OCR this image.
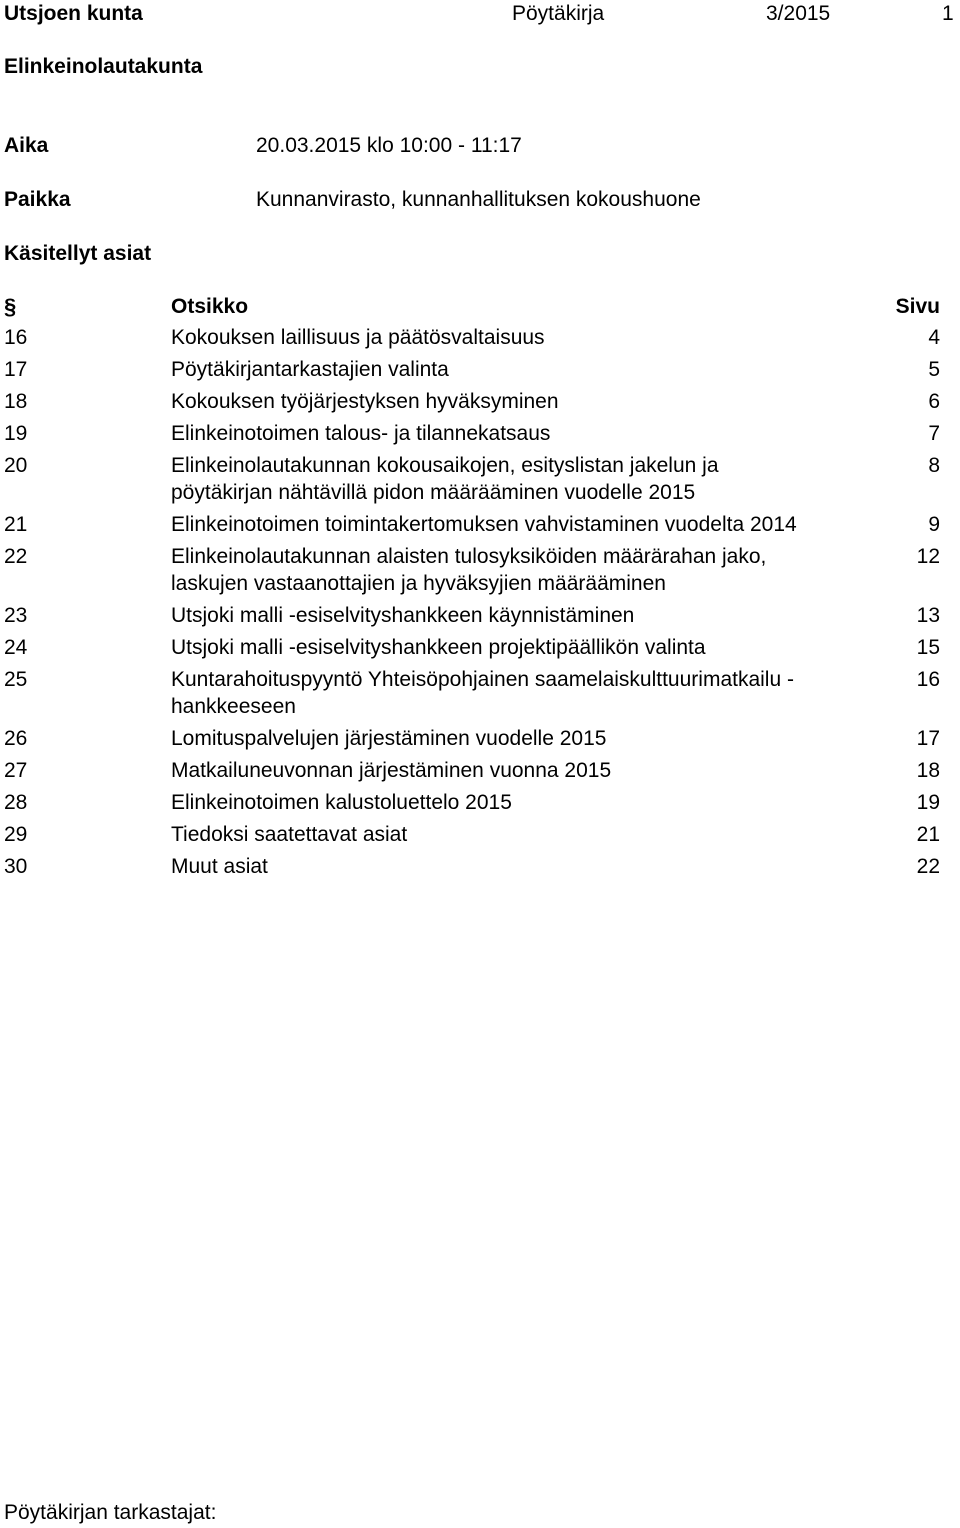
Utsjoen kunta	Pöytäkirja	3/2015	1
Elinkeinolautakunta
Aika	20.03.2015 klo 10:00 - 11:17
Paikka	Kunnanvirasto, kunnanhallituksen kokoushuone
Käsitellyt asiat
§	Otsikko	Sivu
16	Kokouksen laillisuus ja päätösvaltaisuus	4
17	Pöytäkirjantarkastajien valinta	5
18	Kokouksen työjärjestyksen hyväksyminen	6
19	Elinkeinotoimen talous- ja tilannekatsaus	7
20	Elinkeinolautakunnan kokousaikojen, esityslistan jakelun ja pöytäkirjan nähtävillä pidon määrääminen vuodelle 2015	8
21	Elinkeinotoimen toimintakertomuksen vahvistaminen vuodelta 2014	9
22	Elinkeinolautakunnan alaisten tulosyksiköiden määrärahan jako, laskujen vastaanottajien ja hyväksyjien määrääminen	12
23	Utsjoki malli -esiselvityshankkeen käynnistäminen	13
24	Utsjoki malli -esiselvityshankkeen projektipäällikön valinta	15
25	Kuntarahoituspyyntö Yhteisöpohjainen saamelaiskulttuurimatkailu -hankkeeseen	16
26	Lomituspalvelujen järjestäminen vuodelle 2015	17
27	Matkailuneuvonnan järjestäminen vuonna 2015	18
28	Elinkeinotoimen kalustoluettelo 2015	19
29	Tiedoksi saatettavat asiat	21
30	Muut asiat	22
Pöytäkirjan tarkastajat:
